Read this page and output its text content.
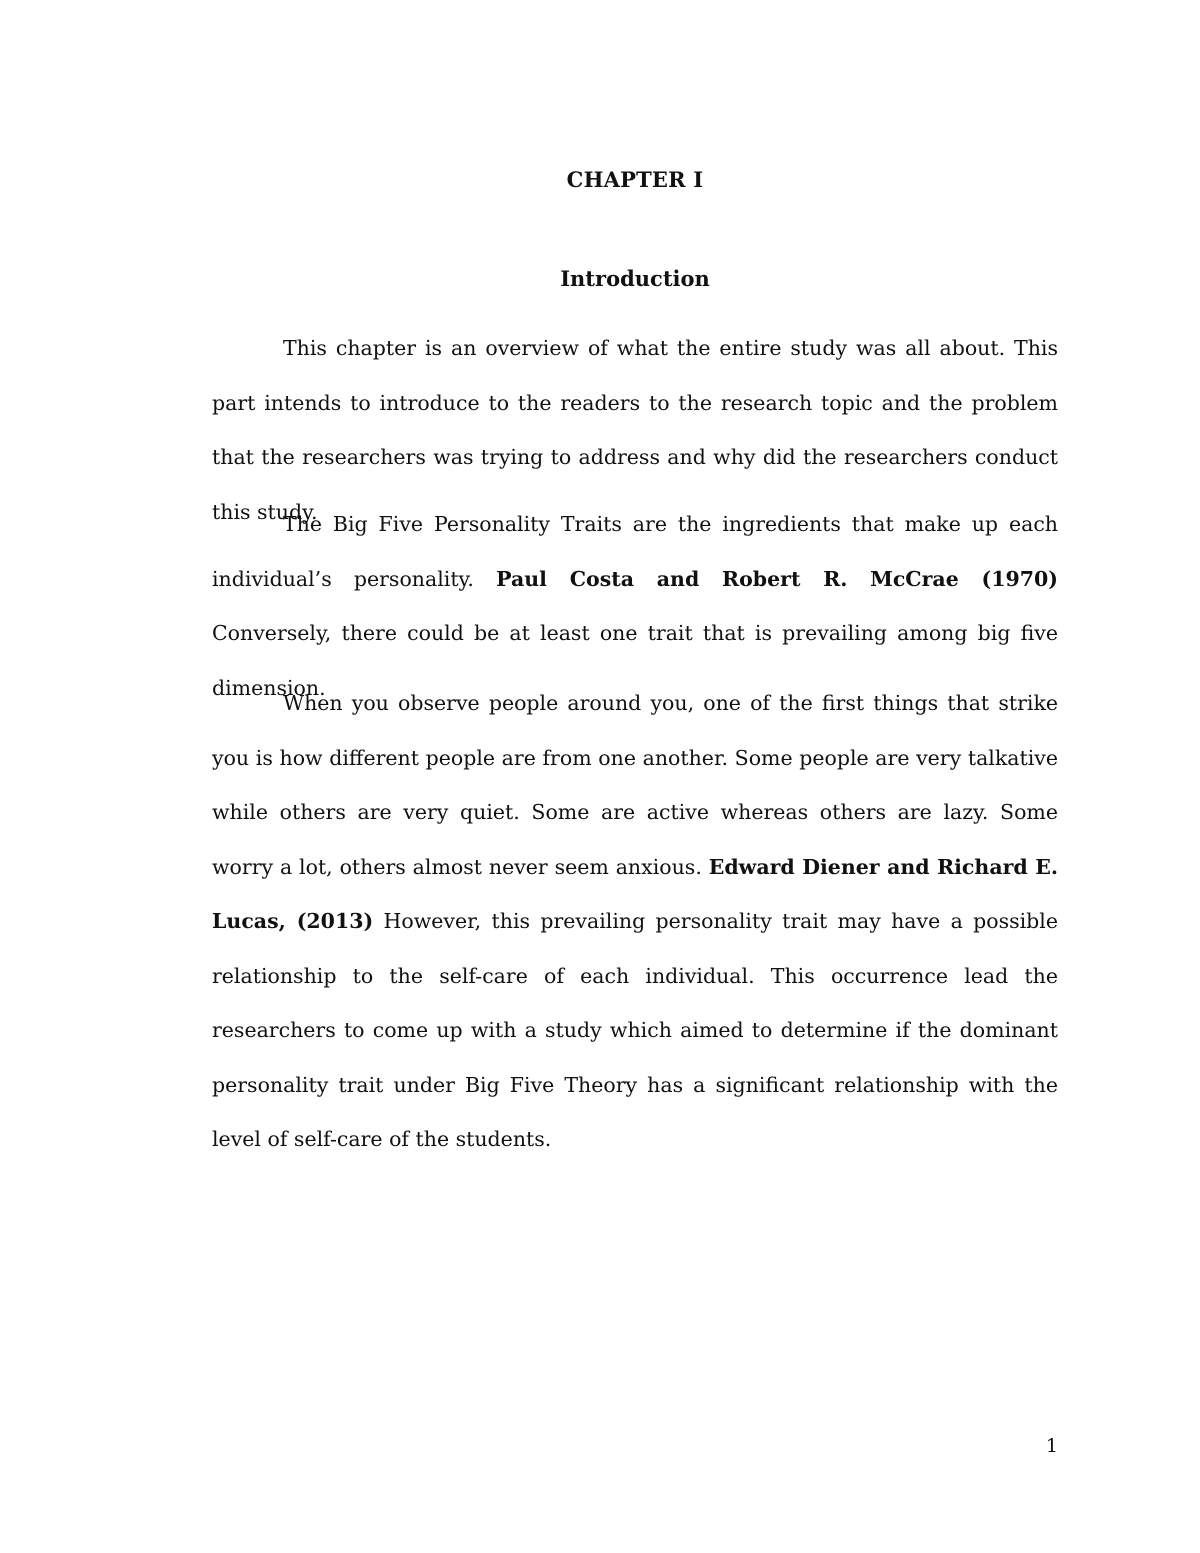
CHAPTER I
Introduction

This chapter is an overview of what the entire study was all about. This part intends to introduce to the readers to the research topic and the problem that the researchers was trying to address and why did the researchers conduct this study.

The Big Five Personality Traits are the ingredients that make up each individual’s personality. Paul Costa and Robert R. McCrae (1970) Conversely, there could be at least one trait that is prevailing among big five dimension.

When you observe people around you, one of the first things that strike you is how different people are from one another. Some people are very talkative while others are very quiet. Some are active whereas others are lazy. Some worry a lot, others almost never seem anxious. Edward Diener and Richard E. Lucas, (2013) However, this prevailing personality trait may have a possible relationship to the self-care of each individual. This occurrence lead the researchers to come up with a study which aimed to determine if the dominant personality trait under Big Five Theory has a significant relationship with the level of self-care of the students.

1
